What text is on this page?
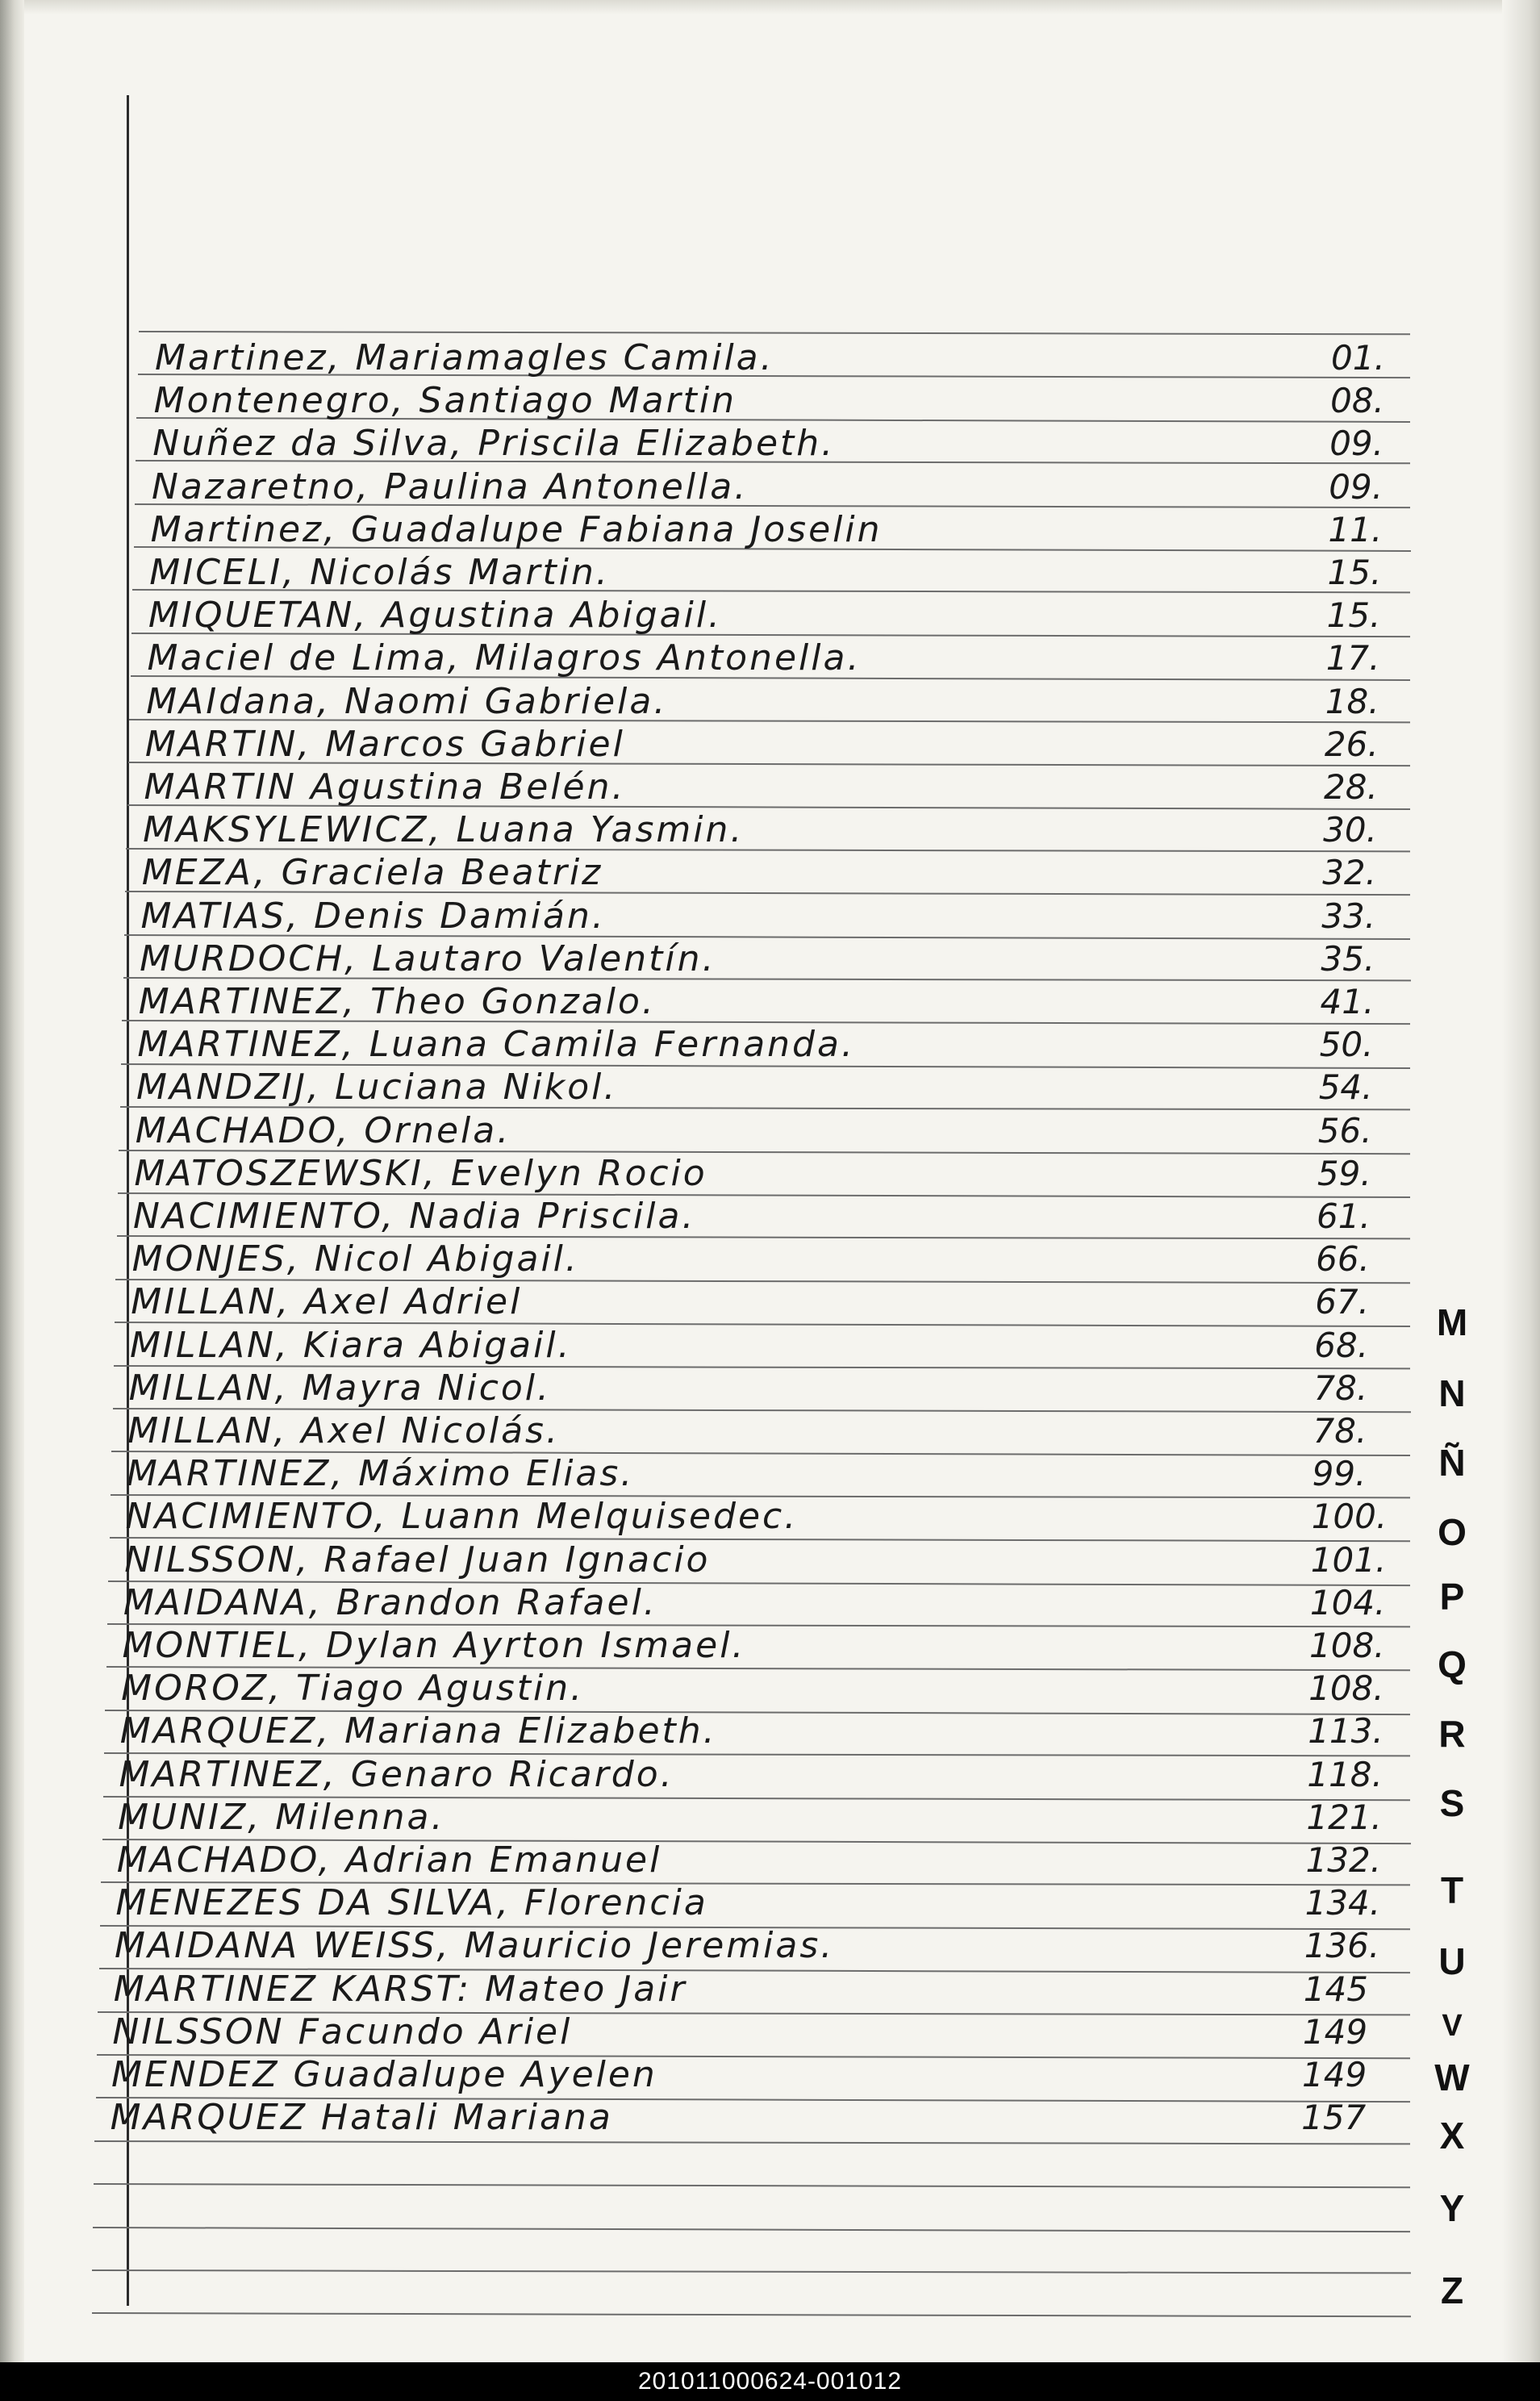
Martinez, Mariamagles Camila.	01.
Montenegro, Santiago Martin	08.
Nuñez da Silva, Priscila Elizabeth.	09.
Nazaretno, Paulina Antonella.	09.
Martinez, Guadalupe Fabiana Joselin	11.
MICELI, Nicolás Martin.	15.
MIQUETAN, Agustina Abigail.	15.
Maciel de Lima, Milagros Antonella.	17.
MAIdana, Naomi Gabriela.	18.
MARTIN, Marcos Gabriel	26.
MARTIN Agustina Belén.	28.
MAKSYLEWICZ, Luana Yasmin.	30.
MEZA, Graciela Beatriz	32.
MATIAS, Denis Damián.	33.
MURDOCH, Lautaro Valentín.	35.
MARTINEZ, Theo Gonzalo.	41.
MARTINEZ, Luana Camila Fernanda.	50.
MANDZIJ, Luciana Nikol.	54.
MACHADO, Ornela.	56.
MATOSZEWSKI, Evelyn Rocio	59.
NACIMIENTO, Nadia Priscila.	61.
MONJES, Nicol Abigail.	66.
MILLAN, Axel Adriel	67.
MILLAN, Kiara Abigail.	68.
MILLAN, Mayra Nicol.	78.
MILLAN, Axel Nicolás.	78.
MARTINEZ, Máximo Elias.	99.
NACIMIENTO, Luann Melquisedec.	100.
NILSSON, Rafael Juan Ignacio	101.
MAIDANA, Brandon Rafael.	104.
MONTIEL, Dylan Ayrton Ismael.	108.
MOROZ, Tiago Agustin.	108.
MARQUEZ, Mariana Elizabeth.	113.
MARTINEZ, Genaro Ricardo.	118.
MUNIZ, Milenna.	121.
MACHADO, Adrian Emanuel	132.
MENEZES DA SILVA, Florencia	134.
MAIDANA WEISS, Mauricio Jeremias.	136.
MARTINEZ KARST: Mateo Jair	145
NILSSON Facundo Ariel	149
MENDEZ Guadalupe Ayelen	149
MARQUEZ Hatali Mariana	157
M
N
Ñ
O
P
Q
R
S
T
U
V
W
X
Y
Z
201011000624-001012
